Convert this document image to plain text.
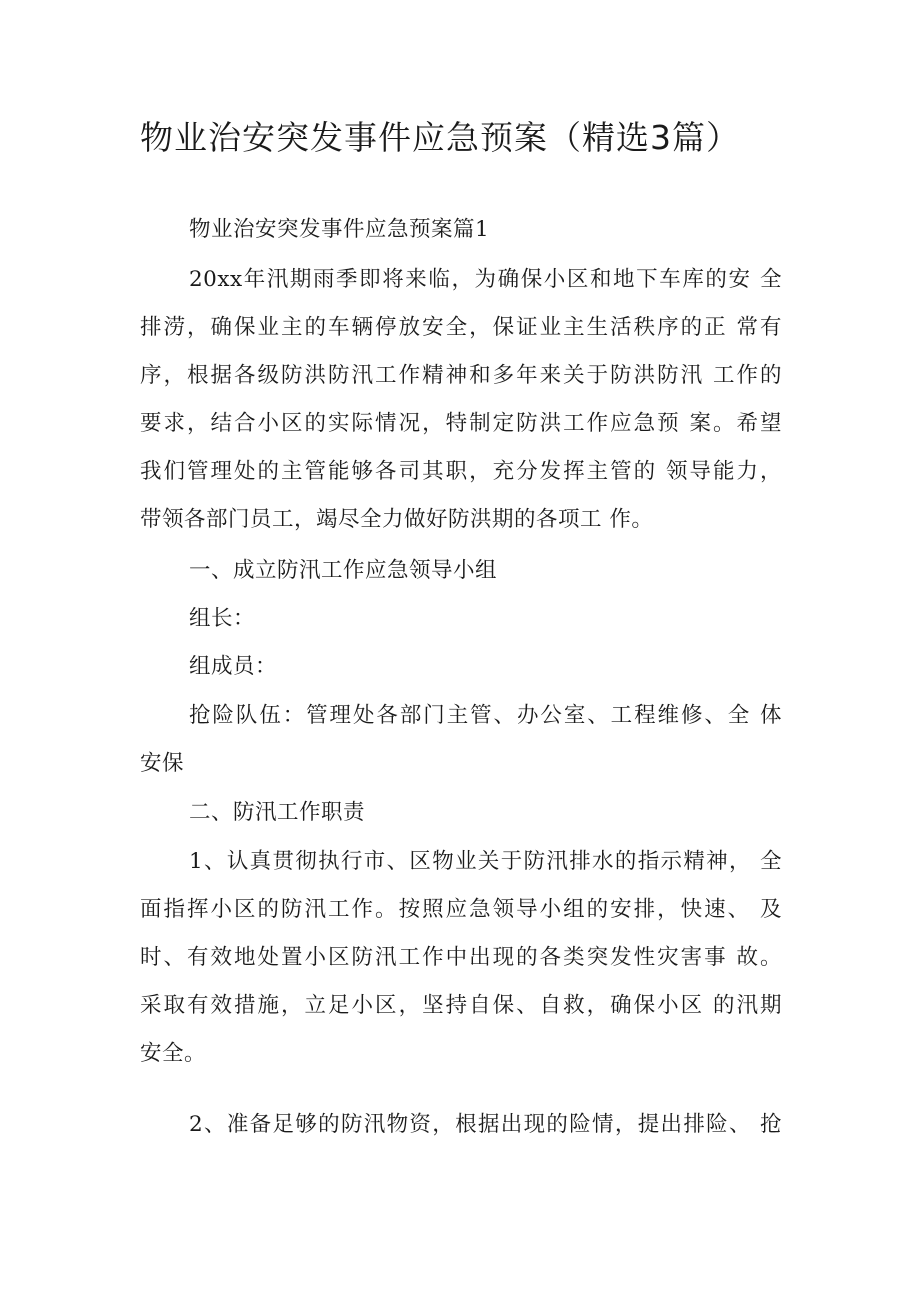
物业治安突发事件应急预案（精选3篇）

物业治安突发事件应急预案篇1

20xx年汛期雨季即将来临，为确保小区和地下车库的安 全

排涝，确保业主的车辆停放安全，保证业主生活秩序的正 常有

序，根据各级防洪防汛工作精神和多年来关于防洪防汛 工作的

要求，结合小区的实际情况，特制定防洪工作应急预 案。希望

我们管理处的主管能够各司其职，充分发挥主管的 领导能力，

带领各部门员工，竭尽全力做好防洪期的各项工 作。

一、成立防汛工作应急领导小组

组长：

组成员：

抢险队伍：管理处各部门主管、办公室、工程维修、全 体

安保

二、防汛工作职责

1、认真贯彻执行市、区物业关于防汛排水的指示精神， 全

面指挥小区的防汛工作。按照应急领导小组的安排，快速、 及

时、有效地处置小区防汛工作中出现的各类突发性灾害事 故。

采取有效措施，立足小区，坚持自保、自救，确保小区 的汛期

安全。

2、准备足够的防汛物资，根据出现的险情，提出排险、 抢
